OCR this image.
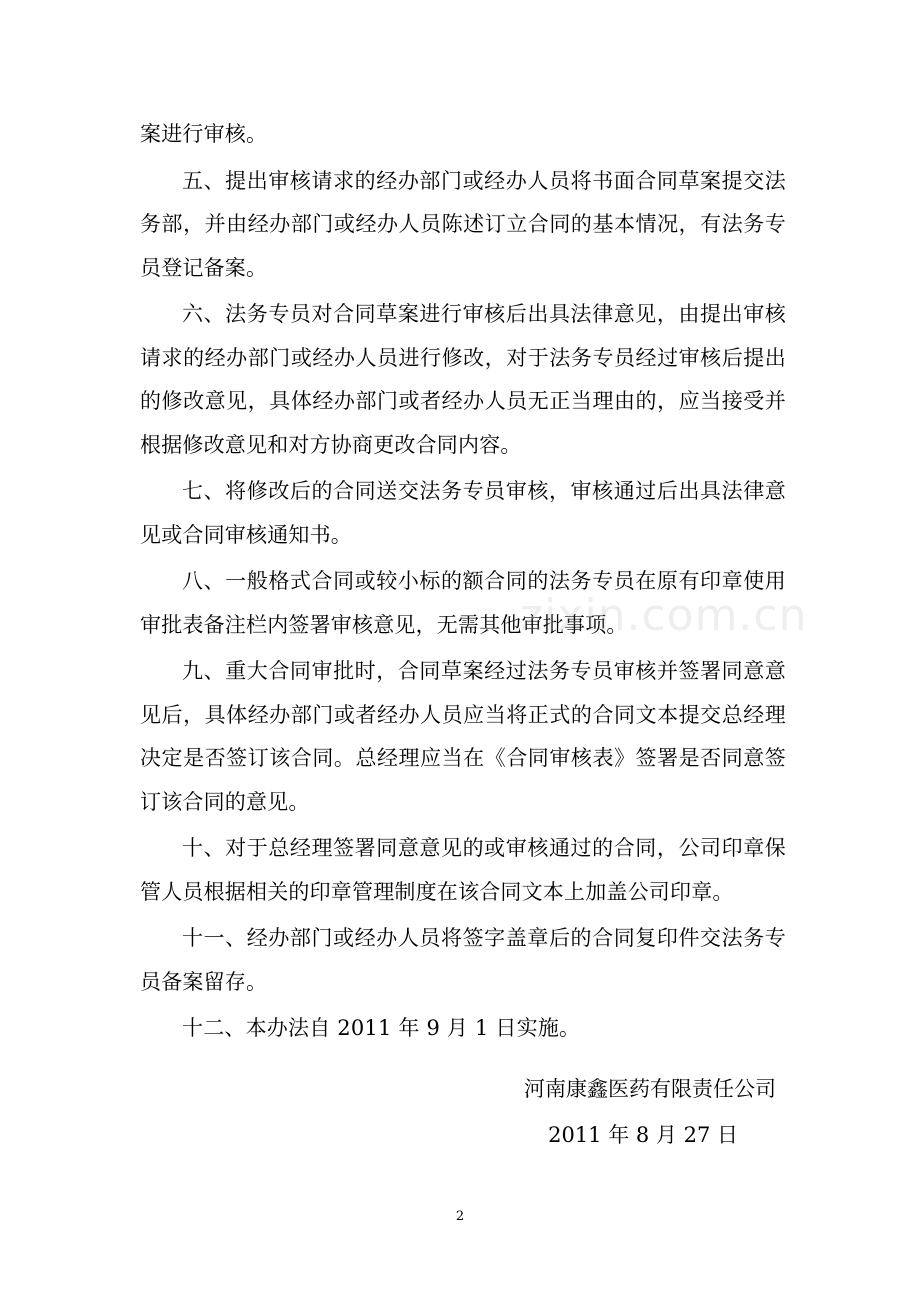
案进行审核。

五、提出审核请求的经办部门或经办人员将书面合同草案提交法务部，并由经办部门或经办人员陈述订立合同的基本情况，有法务专员登记备案。

六、法务专员对合同草案进行审核后出具法律意见，由提出审核请求的经办部门或经办人员进行修改，对于法务专员经过审核后提出的修改意见，具体经办部门或者经办人员无正当理由的，应当接受并根据修改意见和对方协商更改合同内容。

七、将修改后的合同送交法务专员审核，审核通过后出具法律意见或合同审核通知书。

八、一般格式合同或较小标的额合同的法务专员在原有印章使用审批表备注栏内签署审核意见，无需其他审批事项。

九、重大合同审批时，合同草案经过法务专员审核并签署同意意见后，具体经办部门或者经办人员应当将正式的合同文本提交总经理决定是否签订该合同。总经理应当在《合同审核表》签署是否同意签订该合同的意见。

十、对于总经理签署同意意见的或审核通过的合同，公司印章保管人员根据相关的印章管理制度在该合同文本上加盖公司印章。

十一、经办部门或经办人员将签字盖章后的合同复印件交法务专员备案留存。

十二、本办法自 2011 年 9 月 1 日实施。

河南康鑫医药有限责任公司
2011 年 8 月 27 日
2
zixin.com.cn
